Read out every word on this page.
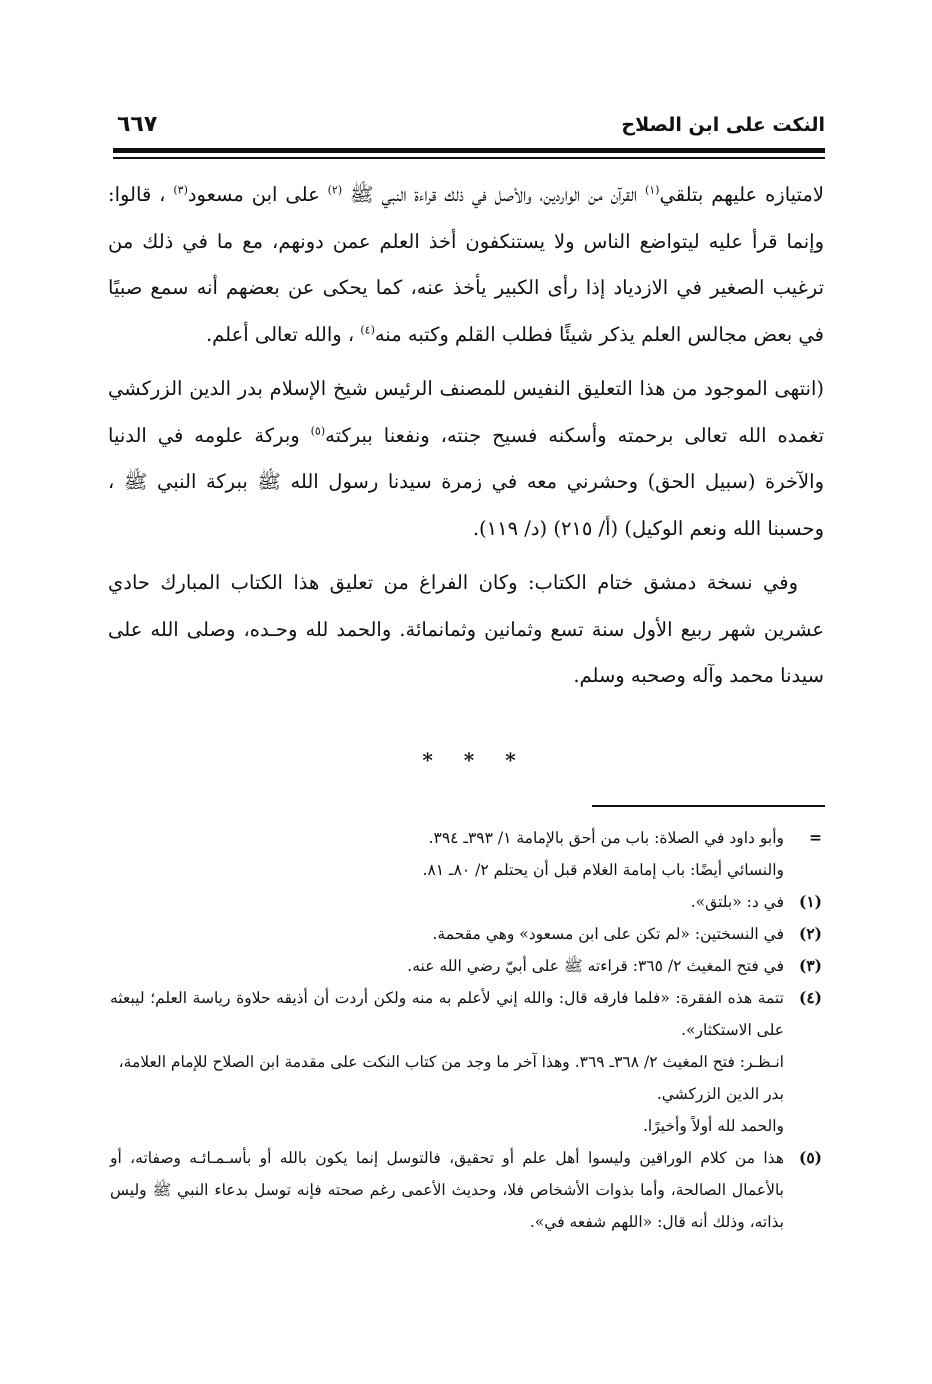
النكت على ابن الصلاح
٦٦٧

لامتيازه عليهم بتلقي$^{(١)}$ القرآن من الواردين، والأصل في ذلك قراءة النبي ﷺ $^{(٢)}$ على ابن مسعود$^{(٣)}$ ، قالوا: وإنما قرأ عليه ليتواضع الناس ولا يستنكفون أخذ العلم عمن دونهم، مع ما في ذلك من ترغيب الصغير في الازدياد إذا رأى الكبير يأخذ عنه، كما يحكى عن بعضهم أنه سمع صبيًا في بعض مجالس العلم يذكر شيئًا فطلب القلم وكتبه منه$^{(٤)}$ ، والله تعالى أعلم.

(انتهى الموجود من هذا التعليق النفيس للمصنف الرئيس شيخ الإسلام بدر الدين الزركشي تغمده الله تعالى برحمته وأسكنه فسيح جنته، ونفعنا ببركته$^{(٥)}$ وبركة علومه في الدنيا والآخرة (سبيل الحق) وحشرني معه في زمرة سيدنا رسول الله ﷺ ببركة النبي ﷺ ، وحسبنا الله ونعم الوكيل) (أ/ ٢١٥) (د/ ١١٩).

وفي نسخة دمشق ختام الكتاب: وكان الفراغ من تعليق هذا الكتاب المبارك حادي عشرين شهر ربيع الأول سنة تسع وثمانين وثمانمائة. والحمد لله وحـده، وصلى الله على سيدنا محمد وآله وصحبه وسلم.

* * *
=
وأبو داود في الصلاة: باب من أحق بالإمامة ١/ ٣٩٣ـ ٣٩٤.
والنسائي أيضًا: باب إمامة الغلام قبل أن يحتلم ٢/ ٨٠ـ ٨١.
(١)
في د: «بلتق».
(٢)
في النسختين: «لم تكن على ابن مسعود» وهي مقحمة.
(٣)
في فتح المغيث ٢/ ٣٦٥: قراءته ﷺ على أبيّ رضي الله عنه.
(٤)
تتمة هذه الفقرة: «فلما فارقه قال: والله إني لأعلم به منه ولكن أردت أن أذيقه حلاوة رياسة العلم؛ ليبعثه على الاستكثار».

انـظـر: فتح المغيث ٢/ ٣٦٨ـ ٣٦٩. وهذا آخر ما وجد من كتاب النكت على مقدمة ابن الصلاح للإمام العلامة، بدر الدين الزركشي.

والحمد لله أولاً وأخيرًا.

(٥)
هذا من كلام الوراقين وليسوا أهل علم أو تحقيق، فالتوسل إنما يكون بالله أو بأسـمـائـه وصفاته، أو بالأعمال الصالحة، وأما بذوات الأشخاص فلا، وحديث الأعمى رغم صحته فإنه توسل بدعاء النبي ﷺ وليس بذاته، وذلك أنه قال: «اللهم شفعه في».
